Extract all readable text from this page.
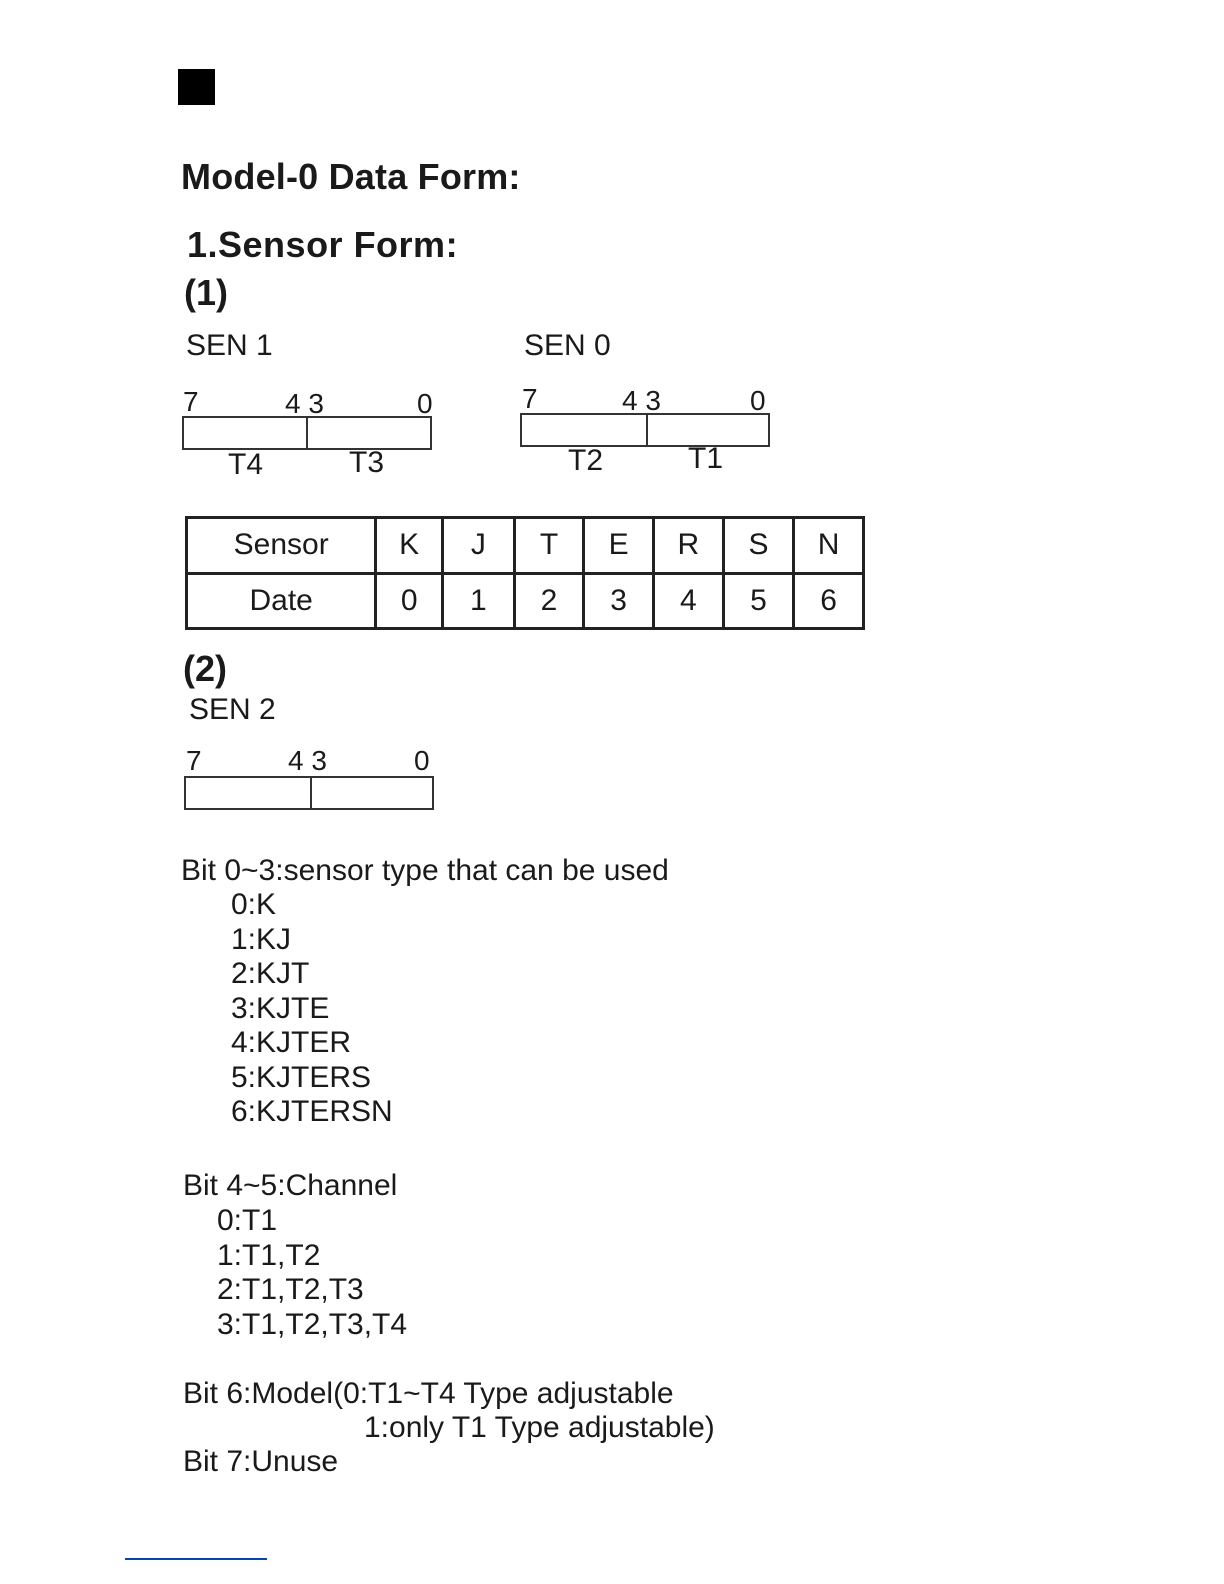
Model-0 Data Form:
1.Sensor Form:
(1)
SEN 1
7	4 3	0
T4	T3
SEN 0
7	4 3	0
T2	T1
Sensor	K	J	T	E	R	S	N
Date	0	1	2	3	4	5	6
(2)
SEN 2
7	4 3	0
Bit 0~3:sensor type that can be used
0:K
1:KJ
2:KJT
3:KJTE
4:KJTER
5:KJTERS
6:KJTERSN
Bit 4~5:Channel
0:T1
1:T1,T2
2:T1,T2,T3
3:T1,T2,T3,T4
Bit 6:Model(0:T1~T4 Type adjustable
1:only T1 Type adjustable)
Bit 7:Unuse
